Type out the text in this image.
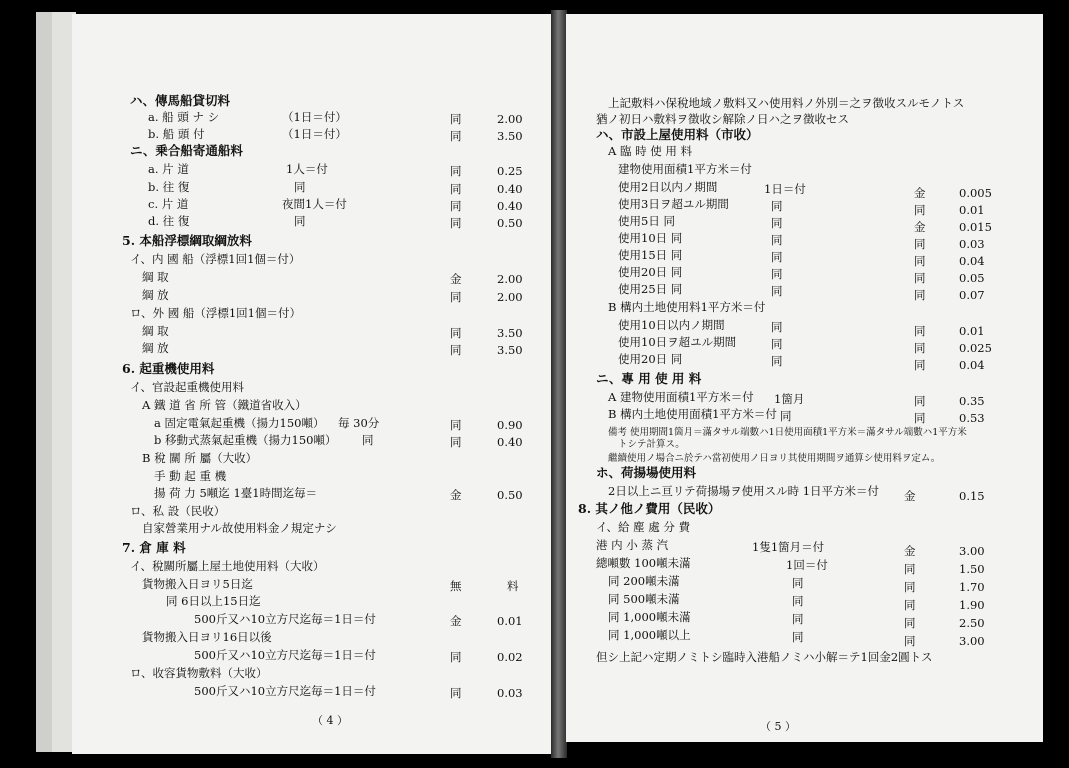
ハ、傳馬船貸切料
a. 船 頭 ナ シ	（1日＝付）	同	2.00
b. 船 頭 付	（1日＝付）	同	3.50
ニ、乗合船寄通船料
a. 片 道	1人＝付	同	0.25
b. 往 復	同	同	0.40
c. 片 道	夜間1人＝付	同	0.40
d. 往 復	同	同	0.50
5. 本船浮標綱取綱放料
イ、内 國 船（浮標1回1個＝付）
綱 取	金	2.00
綱 放	同	2.00
ロ、外 國 船（浮標1回1個＝付）
綱 取	同	3.50
綱 放	同	3.50
6. 起重機使用料
イ、官設起重機使用料
A 鐵 道 省 所 管（鐵道省收入）
a 固定電氣起重機（揚力150噸） 毎 30分	同	0.90
b 移動式蒸氣起重機（揚力150噸） 同	同	0.40
B 稅 關 所 屬（大收）
手 動 起 重 機
揚 荷 力 5噸迄 1臺1時間迄毎＝	金	0.50
ロ、私 設（民收）
自家營業用ナル故使用料金ノ規定ナシ
7. 倉 庫 料
イ、稅關所屬上屋土地使用料（大收）
貨物搬入日ヨリ5日迄	無	料
同 6日以上15日迄
500斤又ハ10立方尺迄毎＝1日＝付	金	0.01
貨物搬入日ヨリ16日以後
500斤又ハ10立方尺迄毎＝1日＝付	同	0.02
ロ、收容貨物敷料（大收）
500斤又ハ10立方尺迄毎＝1日＝付	同	0.03
上記敷料ハ保稅地域ノ敷料又ハ使用料ノ外別＝之ヲ徴收スルモノトス
猶ノ初日ハ敷料ヲ徴收シ解除ノ日ハ之ヲ徴收セス
ハ、市設上屋使用料（市收）
A 臨 時 使 用 料
建物使用面積1平方米＝付
使用2日以内ノ期間	1日＝付	金	0.005
使用3日ヲ超ユル期間	同	同	0.01
使用5日 同	同	金	0.015
使用10日 同	同	同	0.03
使用15日 同	同	同	0.04
使用20日 同	同	同	0.05
使用25日 同	同	同	0.07
B 構内土地使用料1平方米＝付
使用10日以内ノ期間	同	同	0.01
使用10日ヲ超ユル期間	同	同	0.025
使用20日 同	同	同	0.04
ニ、專 用 使 用 料
A 建物使用面積1平方米＝付 1箇月	同	0.35
B 構内土地使用面積1平方米＝付 同	同	0.53
備考 使用期間1箇月＝滿タサル端數ハ1日使用面積1平方米＝滿タサル端數ハ1平方米
トシテ計算ス。
繼續使用ノ場合ニ於テハ當初使用ノ日ヨリ其使用期間ヲ通算シ使用料ヲ定ム。
ホ、荷揚場使用料
2日以上ニ亘リテ荷揚場ヲ使用スル時 1日平方米＝付 金	0.15
8. 其ノ他ノ費用（民收）
イ、給 塵 處 分 費
港 内 小 蒸 汽	1隻1箇月＝付	金	3.00
總噸數 100噸未滿	1回＝付	同	1.50
同 200噸未滿	同	同	1.70
同 500噸未滿	同	同	1.90
同 1,000噸未滿	同	同	2.50
同 1,000噸以上	同	同	3.00
但シ上記ハ定期ノミトシ臨時入港船ノミハ小解＝テ1回金2圓トス
（ 4 ）	（ 5 ）
